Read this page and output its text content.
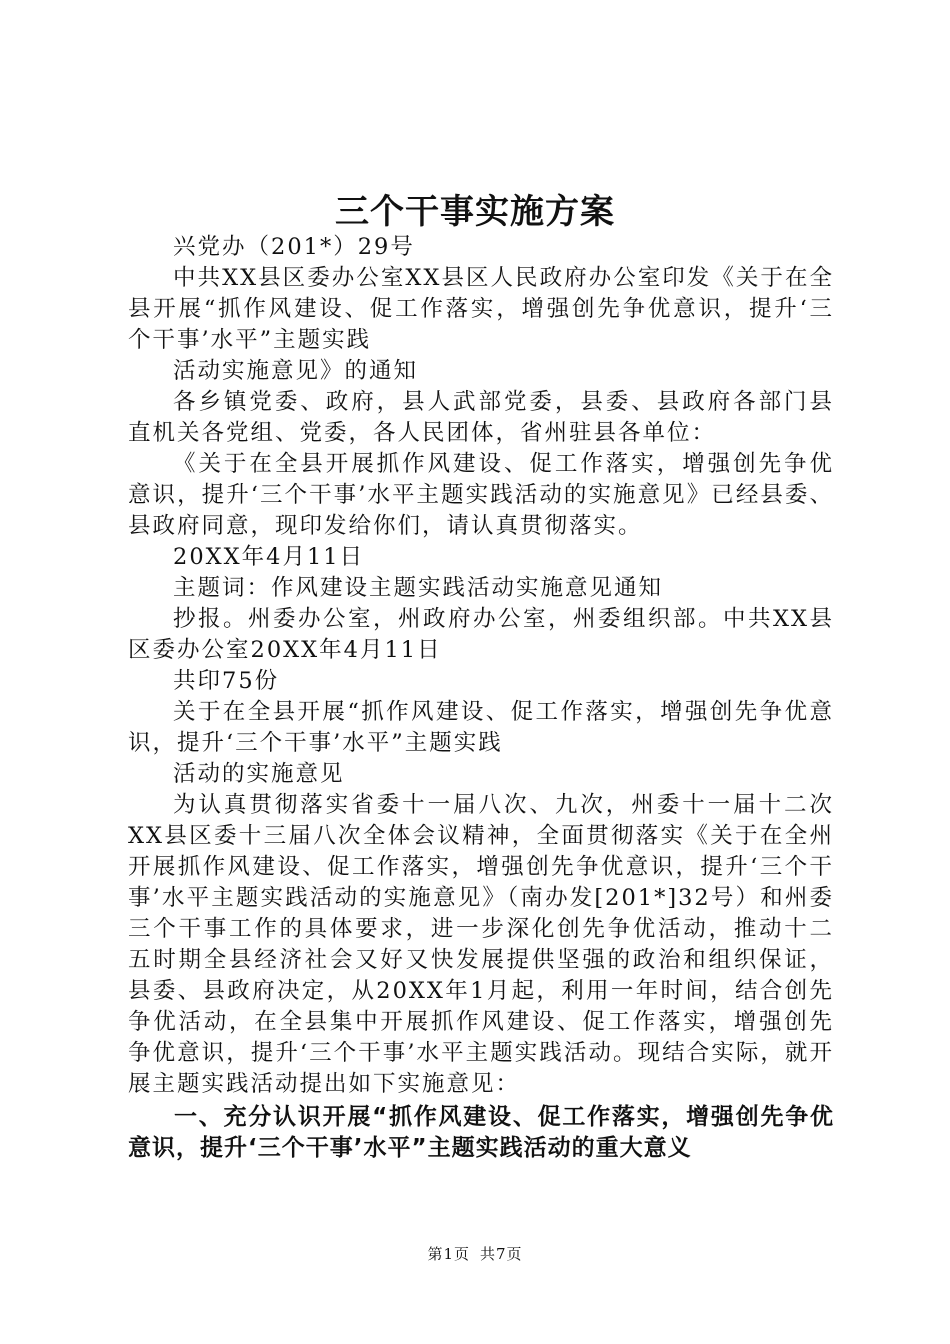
三个干事实施方案

兴党办（201*）29号

中共XX县区委办公室XX县区人民政府办公室印发《关于在全县开展“抓作风建设、促工作落实，增强创先争优意识，提升‘三个干事’水平”主题实践

活动实施意见》的通知

各乡镇党委、政府，县人武部党委，县委、县政府各部门县直机关各党组、党委，各人民团体，省州驻县各单位：

《关于在全县开展抓作风建设、促工作落实，增强创先争优意识，提升‘三个干事’水平主题实践活动的实施意见》已经县委、县政府同意，现印发给你们，请认真贯彻落实。

20XX年4月11日

主题词：作风建设主题实践活动实施意见通知

抄报。州委办公室，州政府办公室，州委组织部。中共XX县区委办公室20XX年4月11日

共印75份

关于在全县开展“抓作风建设、促工作落实，增强创先争优意识，提升‘三个干事’水平”主题实践

活动的实施意见

为认真贯彻落实省委十一届八次、九次，州委十一届十二次XX县区委十三届八次全体会议精神，全面贯彻落实《关于在全州开展抓作风建设、促工作落实，增强创先争优意识，提升‘三个干事’水平主题实践活动的实施意见》（南办发[201*]32号）和州委三个干事工作的具体要求，进一步深化创先争优活动，推动十二五时期全县经济社会又好又快发展提供坚强的政治和组织保证，县委、县政府决定，从20XX年1月起，利用一年时间，结合创先争优活动，在全县集中开展抓作风建设、促工作落实，增强创先争优意识，提升‘三个干事’水平主题实践活动。现结合实际，就开展主题实践活动提出如下实施意见：

一、充分认识开展“抓作风建设、促工作落实，增强创先争优意识，提升‘三个干事’水平”主题实践活动的重大意义

第1页 共7页
